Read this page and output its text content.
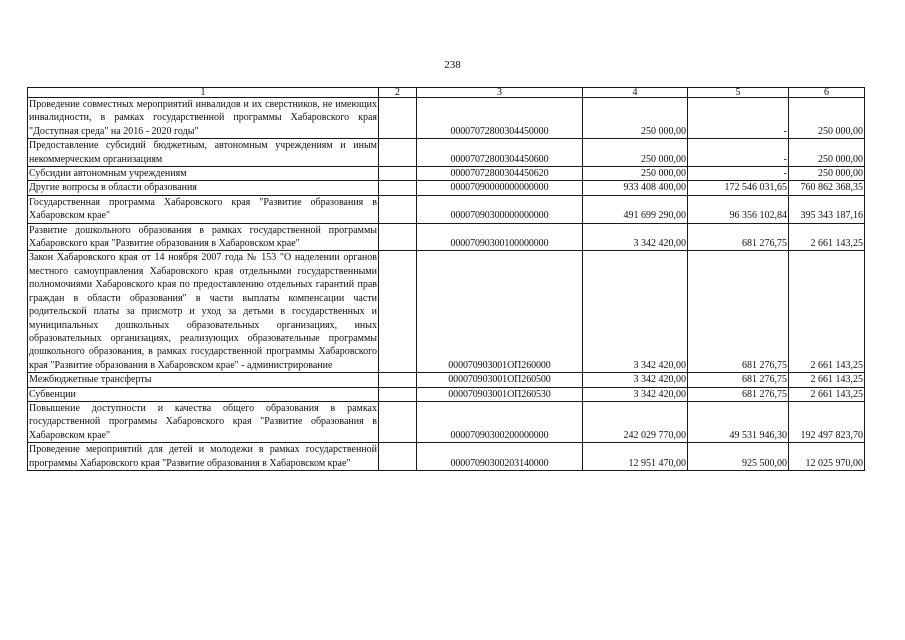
238
1	2	3	4	5	6
Проведение совместных мероприятий инвалидов и их сверстников, не имеющих инвалидности, в рамках государственной программы Хабаровского края "Доступная среда" на 2016 - 2020 годы"		00007072800304450000	250 000,00	-	250 000,00
Предоставление субсидий бюджетным, автономным учреждениям и иным некоммерческим организациям		00007072800304450600	250 000,00	-	250 000,00
Субсидии автономным учреждениям		00007072800304450620	250 000,00	-	250 000,00
Другие вопросы в области образования		00007090000000000000	933 408 400,00	172 546 031,65	760 862 368,35
Государственная программа Хабаровского края "Развитие образования в Хабаровском крае"		00007090300000000000	491 699 290,00	96 356 102,84	395 343 187,16
Развитие дошкольного образования в рамках государственной программы Хабаровского края "Развитие образования в Хабаровском крае"		00007090300100000000	3 342 420,00	681 276,75	2 661 143,25
Закон Хабаровского края от 14 ноября 2007 года № 153 "О наделении органов местного самоуправления Хабаровского края отдельными государственными полномочиями Хабаровского края по предоставлению отдельных гарантий прав граждан в области образования" в части выплаты компенсации части родительской платы за присмотр и уход за детьми в государственных и муниципальных дошкольных образовательных организациях, иных образовательных организациях, реализующих образовательные программы дошкольного образования, в рамках государственной программы Хабаровского края "Развитие образования в Хабаровском крае" - администрирование		000070903001ОП260000	3 342 420,00	681 276,75	2 661 143,25
Межбюджетные трансферты		000070903001ОП260500	3 342 420,00	681 276,75	2 661 143,25
Субвенции		000070903001ОП260530	3 342 420,00	681 276,75	2 661 143,25
Повышение доступности и качества общего образования в рамках государственной программы Хабаровского края "Развитие образования в Хабаровском крае"		00007090300200000000	242 029 770,00	49 531 946,30	192 497 823,70
Проведение мероприятий для детей и молодежи в рамках государственной программы Хабаровского края "Развитие образования в Хабаровском крае"		00007090300203140000	12 951 470,00	925 500,00	12 025 970,00
